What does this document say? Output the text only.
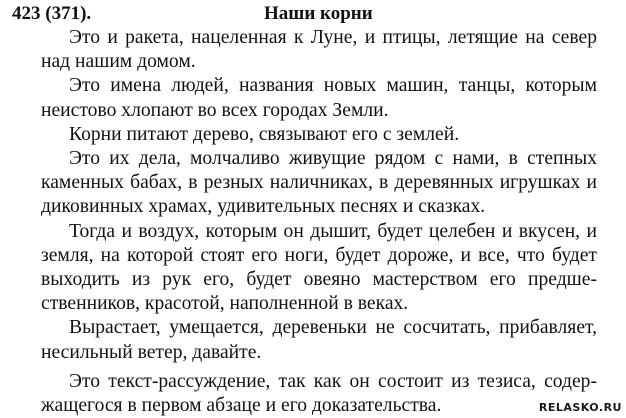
423 (371).	Наши корни
Это и ракета, нацеленная к Луне, и птицы, летящие на север
над нашим домом.
Это имена людей, названия новых машин, танцы, которым
неистово хлопают во всех городах Земли.
Корни питают дерево, связывают его с землей.
Это их дела, молчаливо живущие рядом с нами, в степных
каменных бабах, в резных наличниках, в деревянных игрушках и
диковинных храмах, удивительных песнях и сказках.
Тогда и воздух, которым он дышит, будет целебен и вкусен, и
земля, на которой стоят его ноги, будет дороже, и все, что будет
выходить из рук его, будет овеяно мастерством его предше-
ственников, красотой, наполненной в веках.
Вырастает, умещается, деревеньки не сосчитать, прибавляет,
несильный ветер, давайте.
Это текст-рассуждение, так как он состоит из тезиса, содер-
жащегося в первом абзаце и его доказательства.	RELASKO.RU
